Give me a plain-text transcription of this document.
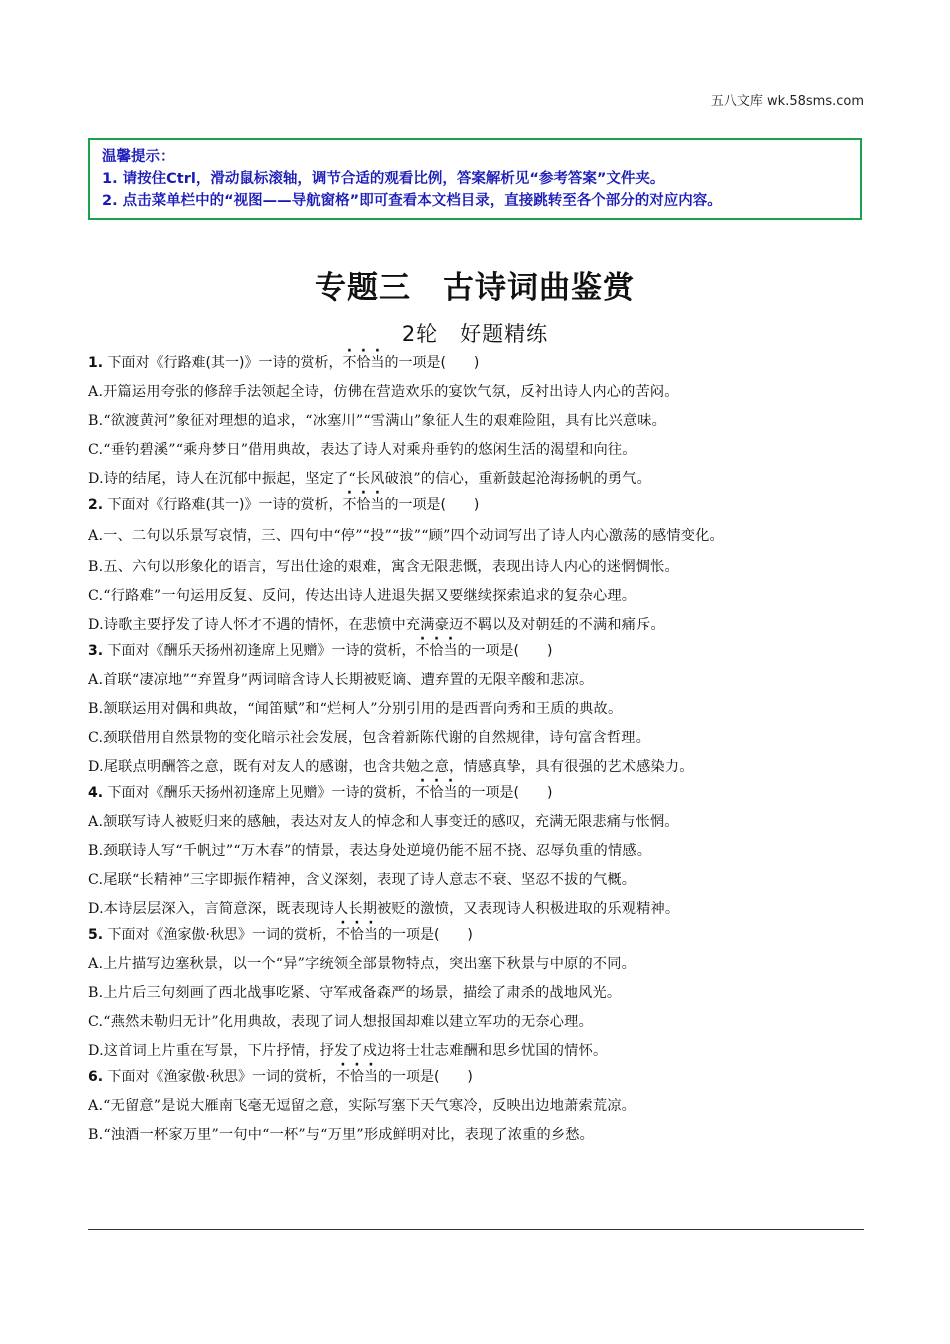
五八文库 wk.58sms.com
温馨提示：
1. 请按住Ctrl，滑动鼠标滚轴，调节合适的观看比例，答案解析见“参考答案”文件夹。
2. 点击菜单栏中的“视图——导航窗格”即可查看本文档目录，直接跳转至各个部分的对应内容。
专题三　古诗词曲鉴赏
2轮　好题精练

1. 下面对《行路难(其一)》一诗的赏析，不恰当的一项是(　　)

A.开篇运用夸张的修辞手法领起全诗，仿佛在营造欢乐的宴饮气氛，反衬出诗人内心的苦闷。

B.“欲渡黄河”象征对理想的追求，“冰塞川”“雪满山”象征人生的艰难险阻，具有比兴意味。

C.“垂钓碧溪”“乘舟梦日”借用典故，表达了诗人对乘舟垂钓的悠闲生活的渴望和向往。

D.诗的结尾，诗人在沉郁中振起，坚定了“长风破浪”的信心，重新鼓起沧海扬帆的勇气。

2. 下面对《行路难(其一)》一诗的赏析，不恰当的一项是(　　)

A.一、二句以乐景写哀情，三、四句中“停”“投”“拔”“顾”四个动词写出了诗人内心激荡的感情变化。

B.五、六句以形象化的语言，写出仕途的艰难，寓含无限悲慨，表现出诗人内心的迷惘惆怅。

C.“行路难”一句运用反复、反问，传达出诗人进退失据又要继续探索追求的复杂心理。

D.诗歌主要抒发了诗人怀才不遇的情怀，在悲愤中充满豪迈不羁以及对朝廷的不满和痛斥。

3. 下面对《酬乐天扬州初逢席上见赠》一诗的赏析，不恰当的一项是(　　)

A.首联“凄凉地”“弃置身”两词暗含诗人长期被贬谪、遭弃置的无限辛酸和悲凉。

B.颔联运用对偶和典故，“闻笛赋”和“烂柯人”分别引用的是西晋向秀和王质的典故。

C.颈联借用自然景物的变化暗示社会发展，包含着新陈代谢的自然规律，诗句富含哲理。

D.尾联点明酬答之意，既有对友人的感谢，也含共勉之意，情感真挚，具有很强的艺术感染力。

4. 下面对《酬乐天扬州初逢席上见赠》一诗的赏析，不恰当的一项是(　　)

A.颔联写诗人被贬归来的感触，表达对友人的悼念和人事变迁的感叹，充满无限悲痛与怅惘。

B.颈联诗人写“千帆过”“万木春”的情景，表达身处逆境仍能不屈不挠、忍辱负重的情感。

C.尾联“长精神”三字即振作精神，含义深刻，表现了诗人意志不衰、坚忍不拔的气概。

D.本诗层层深入，言简意深，既表现诗人长期被贬的激愤，又表现诗人积极进取的乐观精神。

5. 下面对《渔家傲·秋思》一词的赏析，不恰当的一项是(　　)

A.上片描写边塞秋景，以一个“异”字统领全部景物特点，突出塞下秋景与中原的不同。

B.上片后三句刻画了西北战事吃紧、守军戒备森严的场景，描绘了肃杀的战地风光。

C.“燕然未勒归无计”化用典故，表现了词人想报国却难以建立军功的无奈心理。

D.这首词上片重在写景，下片抒情，抒发了戍边将士壮志难酬和思乡忧国的情怀。

6. 下面对《渔家傲·秋思》一词的赏析，不恰当的一项是(　　)

A.“无留意”是说大雁南飞毫无逗留之意，实际写塞下天气寒冷，反映出边地萧索荒凉。

B.“浊酒一杯家万里”一句中“一杯”与“万里”形成鲜明对比，表现了浓重的乡愁。
